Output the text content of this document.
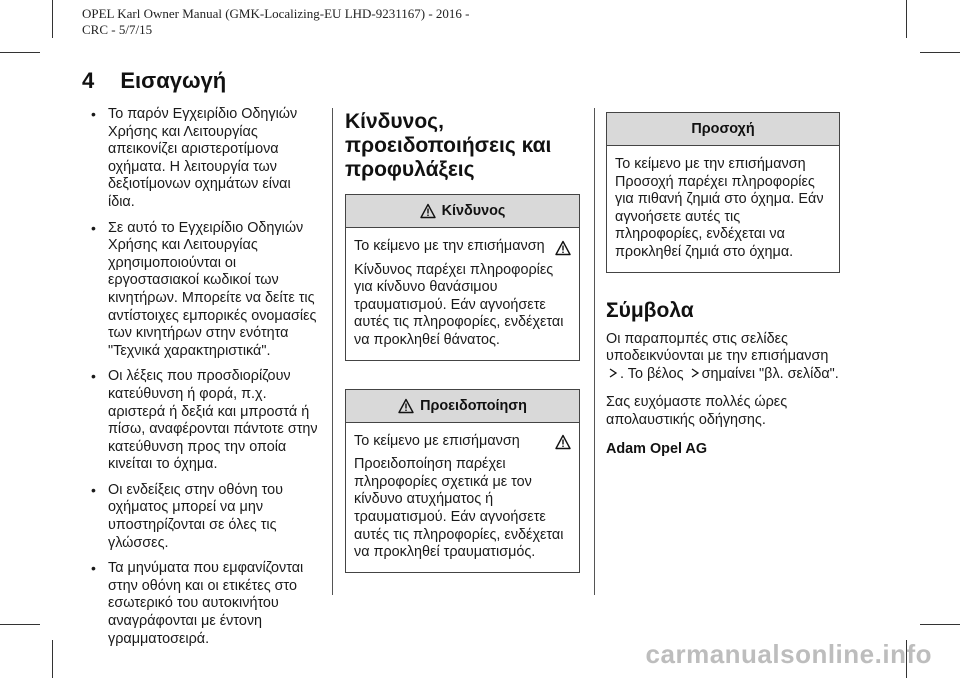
OPEL Karl Owner Manual (GMK-Localizing-EU LHD-9231167) - 2016 -
CRC - 5/7/15
4 Εισαγωγή
• Το παρόν Εγχειρίδιο Οδηγιών Χρήσης και Λειτουργίας απεικονίζει αριστεροτίμονα οχήματα. Η λειτουργία των δεξιοτίμονων οχημάτων είναι ίδια.
• Σε αυτό το Εγχειρίδιο Οδηγιών Χρήσης και Λειτουργίας χρησιμοποιούνται οι εργοστασιακοί κωδικοί των κινητήρων. Μπορείτε να δείτε τις αντίστοιχες εμπορικές ονομασίες των κινητήρων στην ενότητα "Τεχνικά χαρακτηριστικά".
• Οι λέξεις που προσδιορίζουν κατεύθυνση ή φορά, π.χ. αριστερά ή δεξιά και μπροστά ή πίσω, αναφέρονται πάντοτε στην κατεύθυνση προς την οποία κινείται το όχημα.
• Οι ενδείξεις στην οθόνη του οχήματος μπορεί να μην υποστηρίζονται σε όλες τις γλώσσες.
• Τα μηνύματα που εμφανίζονται στην οθόνη και οι ετικέτες στο εσωτερικό του αυτοκινήτου αναγράφονται με έντονη γραμματοσειρά.
Κίνδυνος, προειδοποιήσεις και προφυλάξεις
Κίνδυνος
Το κείμενο με την επισήμανση

Κίνδυνος παρέχει πληροφορίες για κίνδυνο θανάσιμου τραυματισμού. Εάν αγνοήσετε αυτές τις πληροφορίες, ενδέχεται να προκληθεί θάνατος.

Προειδοποίηση
Το κείμενο με επισήμανση

Προειδοποίηση παρέχει πληροφορίες σχετικά με τον κίνδυνο ατυχήματος ή τραυματισμού. Εάν αγνοήσετε αυτές τις πληροφορίες, ενδέχεται να προκληθεί τραυματισμός.

Προσοχή

Το κείμενο με την επισήμανση Προσοχή παρέχει πληροφορίες για πιθανή ζημιά στο όχημα. Εάν αγνοήσετε αυτές τις πληροφορίες, ενδέχεται να προκληθεί ζημιά στο όχημα.

Σύμβολα

Οι παραπομπές στις σελίδες υποδεικνύονται με την επισήμανση . Το βέλος σημαίνει "βλ. σελίδα".

Σας ευχόμαστε πολλές ώρες απολαυστικής οδήγησης.

Adam Opel AG

carmanualsonline.info
